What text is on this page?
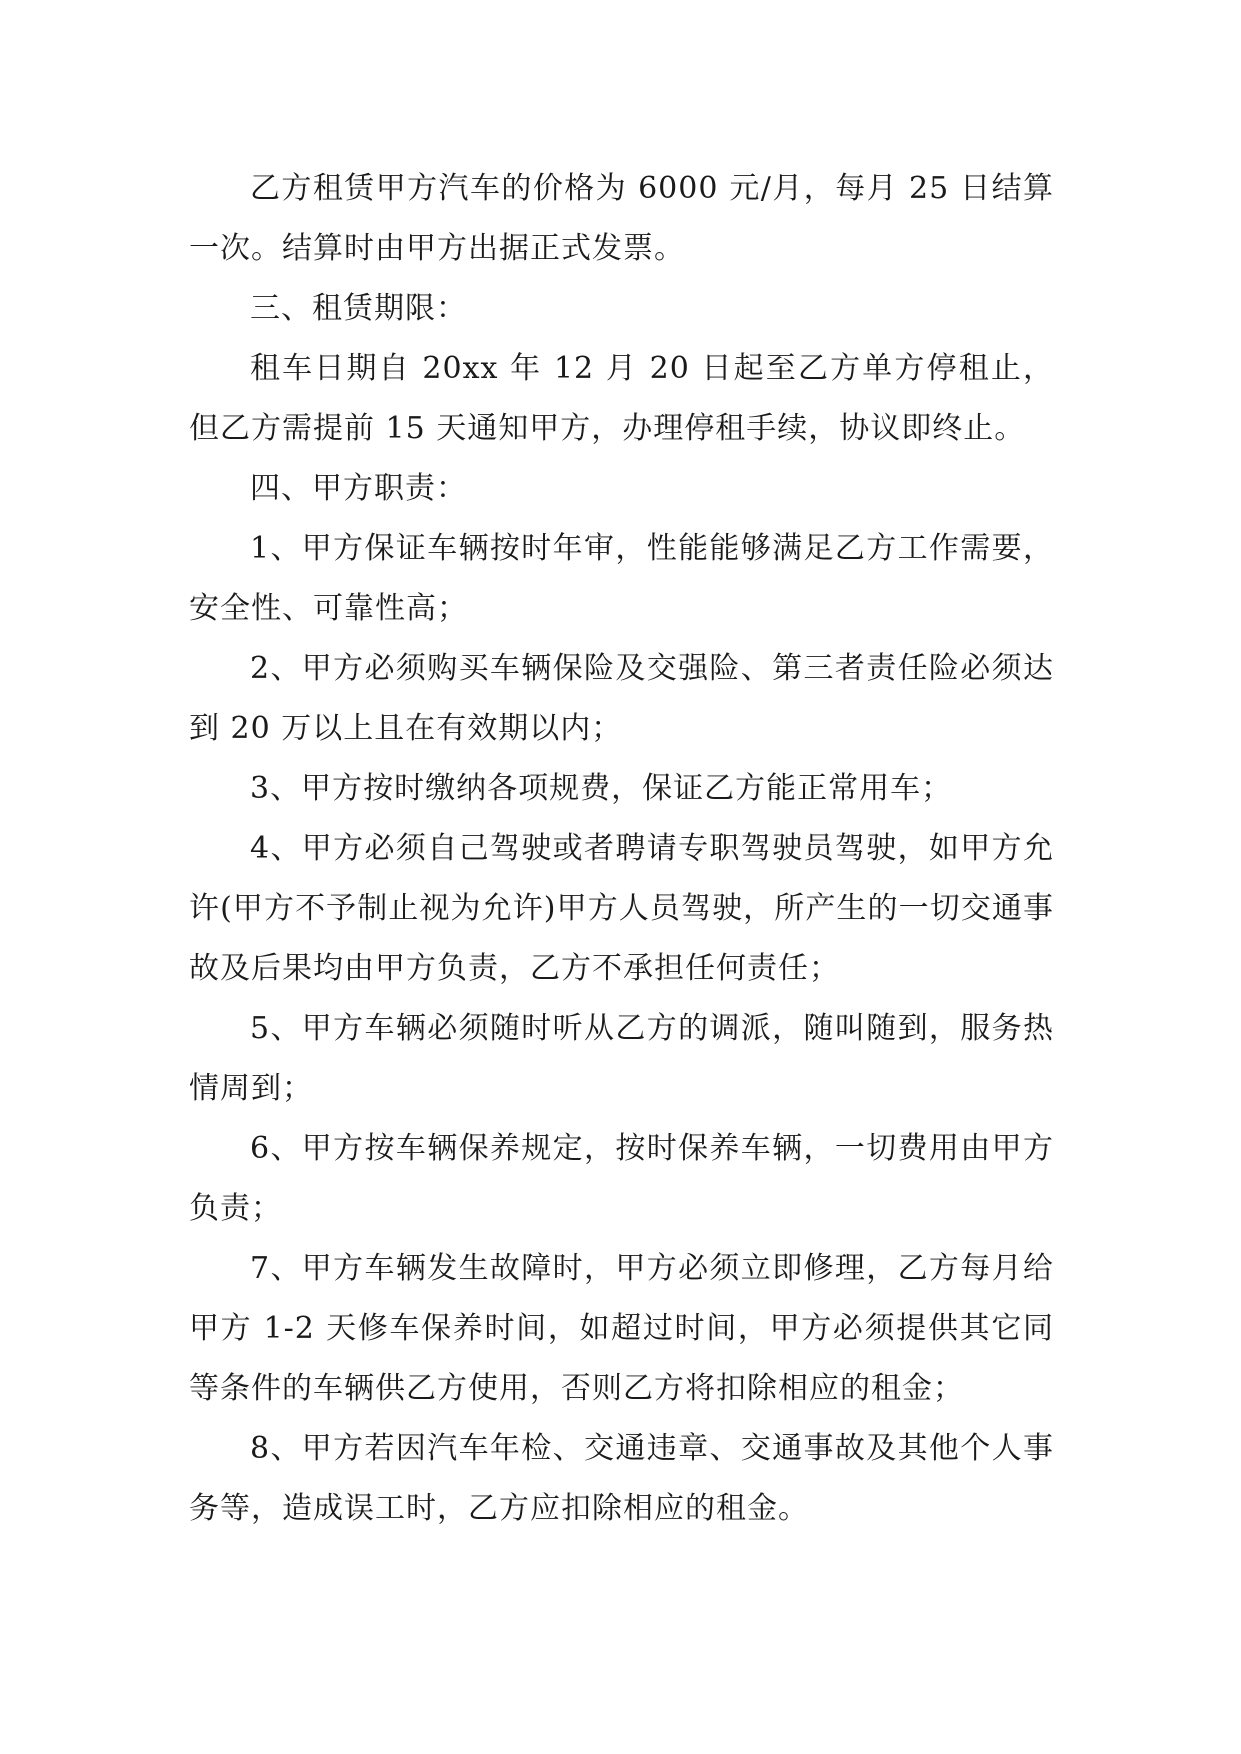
乙方租赁甲方汽车的价格为 6000 元/月，每月 25 日结算一次。结算时由甲方出据正式发票。

三、租赁期限：

租车日期自 20xx 年 12 月 20 日起至乙方单方停租止，但乙方需提前 15 天通知甲方，办理停租手续，协议即终止。

四、甲方职责：

1、甲方保证车辆按时年审，性能能够满足乙方工作需要，安全性、可靠性高；

2、甲方必须购买车辆保险及交强险、第三者责任险必须达到 20 万以上且在有效期以内；

3、甲方按时缴纳各项规费，保证乙方能正常用车；

4、甲方必须自己驾驶或者聘请专职驾驶员驾驶，如甲方允许(甲方不予制止视为允许)甲方人员驾驶，所产生的一切交通事故及后果均由甲方负责，乙方不承担任何责任；

5、甲方车辆必须随时听从乙方的调派，随叫随到，服务热情周到；

6、甲方按车辆保养规定，按时保养车辆，一切费用由甲方负责；

7、甲方车辆发生故障时，甲方必须立即修理，乙方每月给甲方 1-2 天修车保养时间，如超过时间，甲方必须提供其它同等条件的车辆供乙方使用，否则乙方将扣除相应的租金；

8、甲方若因汽车年检、交通违章、交通事故及其他个人事务等，造成误工时，乙方应扣除相应的租金。
